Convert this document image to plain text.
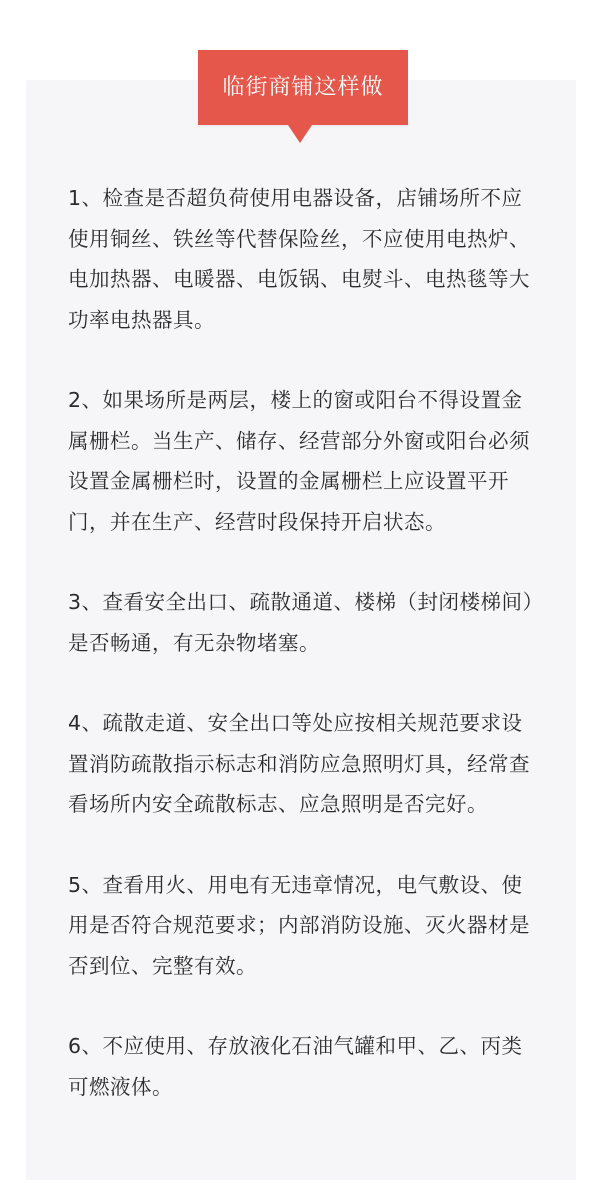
临街商铺这样做

1、检查是否超负荷使用电器设备，店铺场所不应使用铜丝、铁丝等代替保险丝，不应使用电热炉、电加热器、电暖器、电饭锅、电熨斗、电热毯等大功率电热器具。

2、如果场所是两层，楼上的窗或阳台不得设置金属栅栏。当生产、储存、经营部分外窗或阳台必须设置金属栅栏时，设置的金属栅栏上应设置平开门，并在生产、经营时段保持开启状态。

3、查看安全出口、疏散通道、楼梯（封闭楼梯间）是否畅通，有无杂物堵塞。

4、疏散走道、安全出口等处应按相关规范要求设置消防疏散指示标志和消防应急照明灯具，经常查看场所内安全疏散标志、应急照明是否完好。

5、查看用火、用电有无违章情况，电气敷设、使用是否符合规范要求；内部消防设施、灭火器材是否到位、完整有效。

6、不应使用、存放液化石油气罐和甲、乙、丙类可燃液体。
